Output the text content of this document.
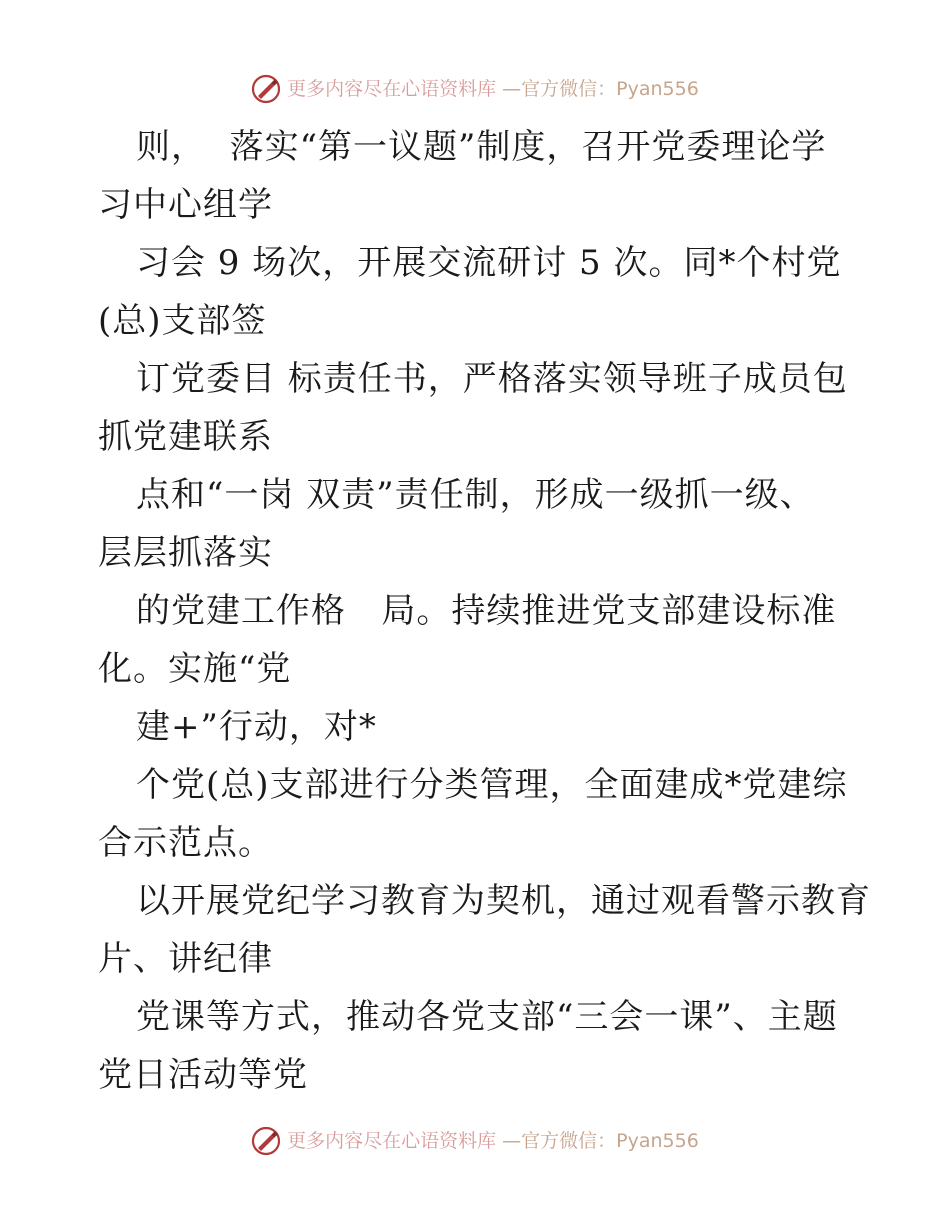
更多内容尽在心语资料库 —官方微信：Pyan556
则，  落实“第一议题”制度，召开党委理论学
习中心组学
习会 9 场次，开展交流研讨 5 次。同*个村党
(总)支部签
订党委目 标责任书，严格落实领导班子成员包
抓党建联系
点和“一岗 双责”责任制，形成一级抓一级、
层层抓落实
的党建工作格   局。持续推进党支部建设标准
化。实施“党
建+”行动，对*
个党(总)支部进行分类管理，全面建成*党建综
合示范点。
以开展党纪学习教育为契机，通过观看警示教育
片、讲纪律
党课等方式，推动各党支部“三会一课”、主题
党日活动等党
更多内容尽在心语资料库 —官方微信：Pyan556
